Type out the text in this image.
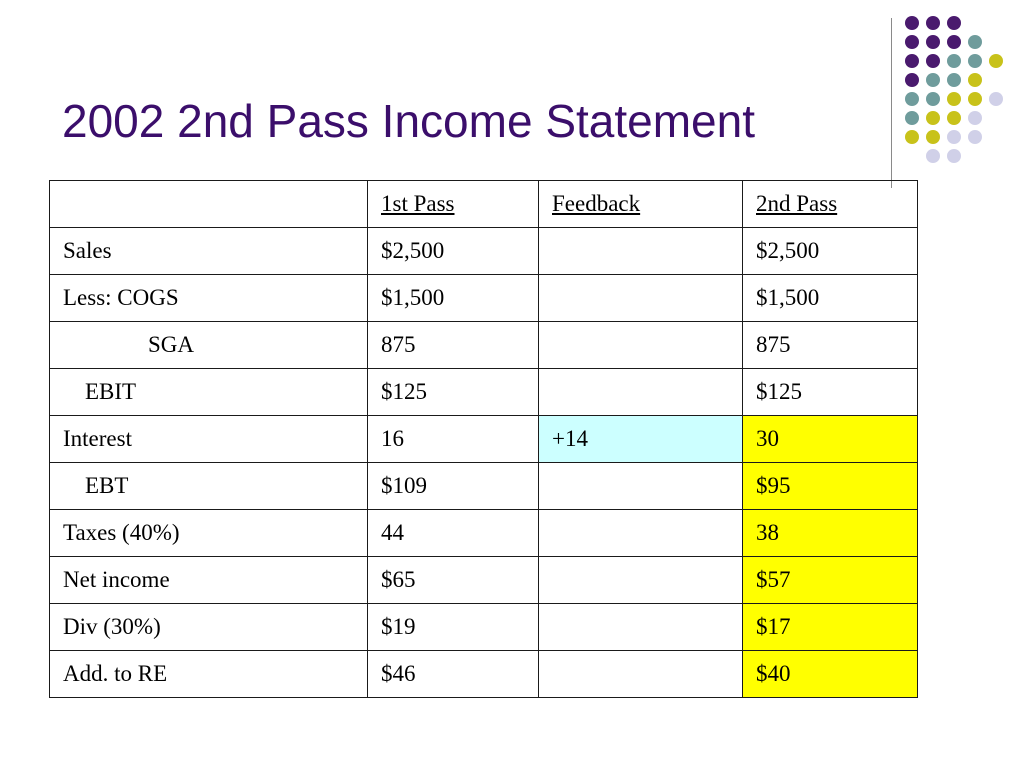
2002 2nd Pass Income Statement
	1st Pass	Feedback	2nd Pass
Sales	$2,500		$2,500
Less: COGS	$1,500		$1,500
SGA	875		875
EBIT	$125		$125
Interest	16	+14	30
EBT	$109		$95
Taxes (40%)	44		38
Net income	$65		$57
Div (30%)	$19		$17
Add. to RE	$46		$40
